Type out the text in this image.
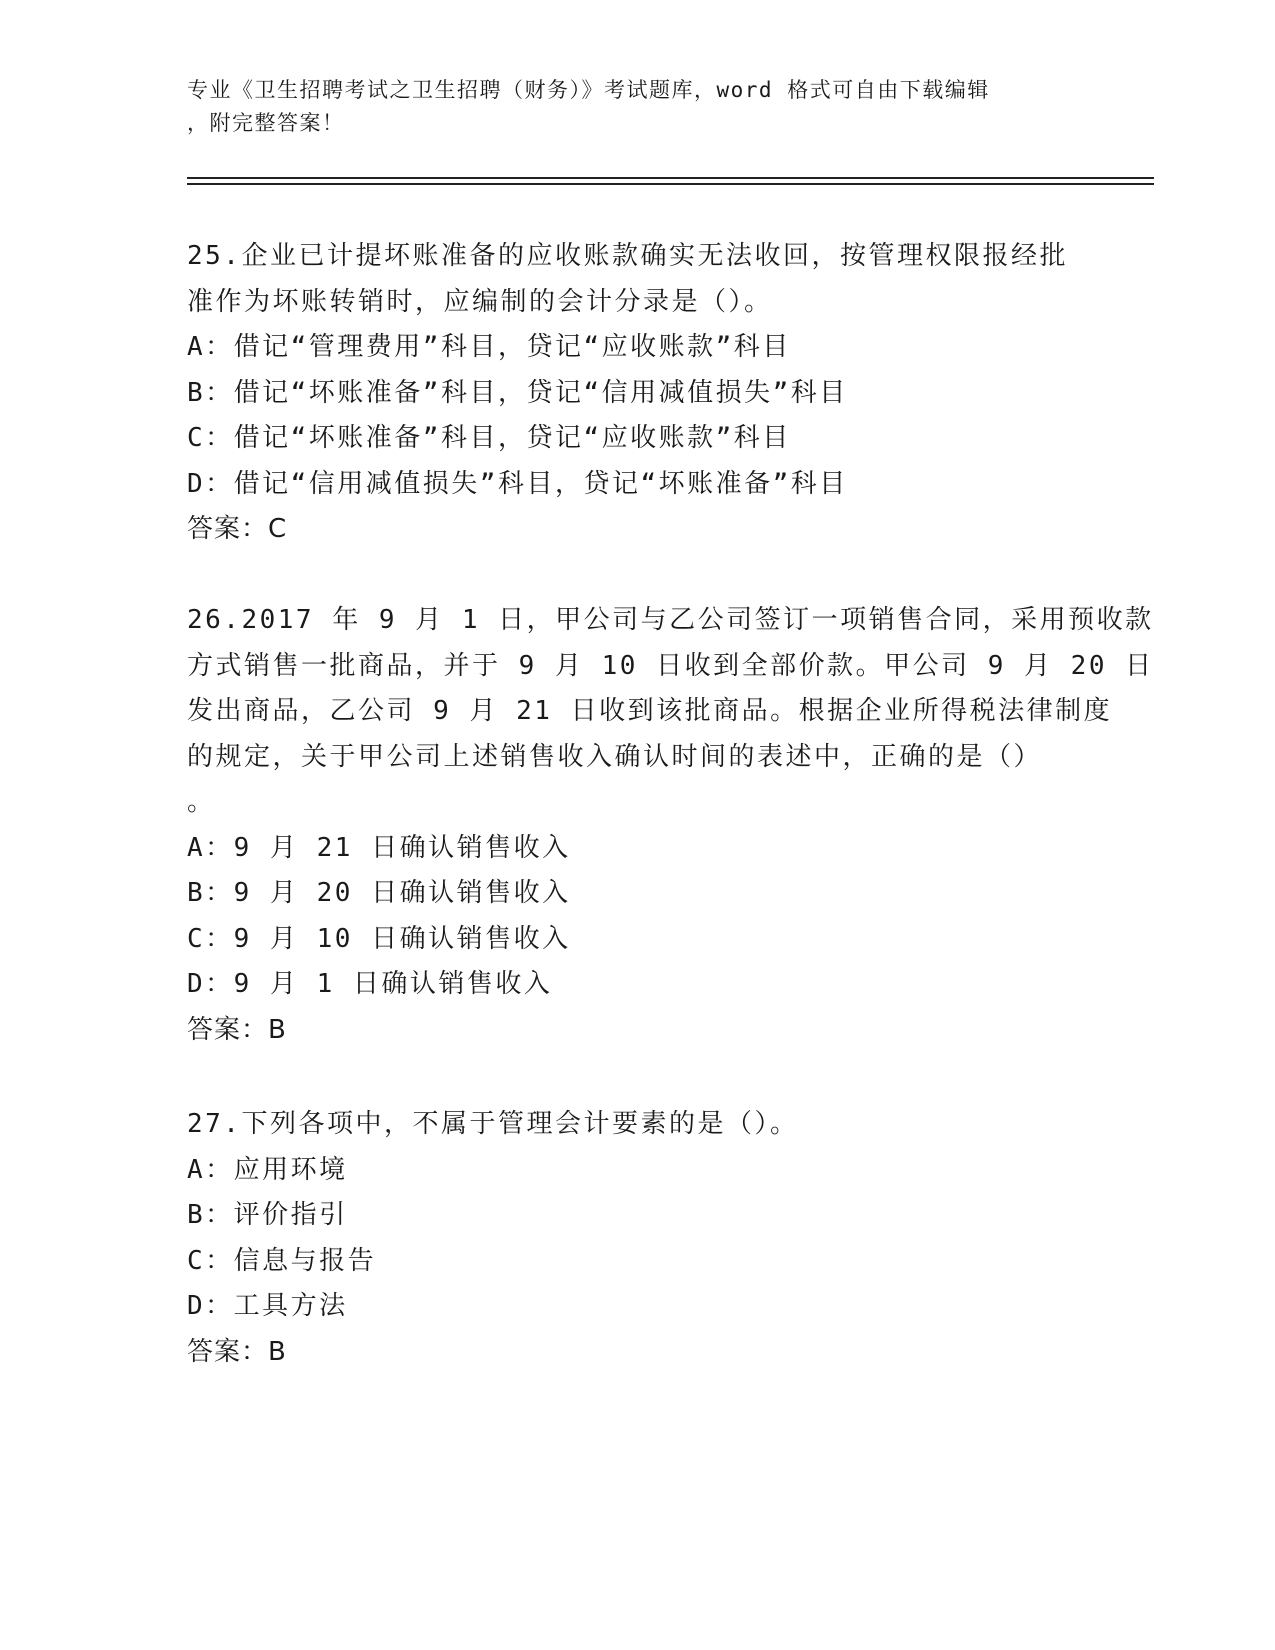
专业《卫生招聘考试之卫生招聘（财务）》考试题库，word 格式可自由下载编辑

，附完整答案！

25.企业已计提坏账准备的应收账款确实无法收回，按管理权限报经批

准作为坏账转销时，应编制的会计分录是（）。

A：借记“管理费用”科目，贷记“应收账款”科目

B：借记“坏账准备”科目，贷记“信用减值损失”科目

C：借记“坏账准备”科目，贷记“应收账款”科目

D：借记“信用减值损失”科目，贷记“坏账准备”科目

答案：C

26.2017 年 9 月 1 日，甲公司与乙公司签订一项销售合同，采用预收款

方式销售一批商品，并于 9 月 10 日收到全部价款。甲公司 9 月 20 日

发出商品，乙公司 9 月 21 日收到该批商品。根据企业所得税法律制度

的规定，关于甲公司上述销售收入确认时间的表述中，正确的是（）

。

A：9 月 21 日确认销售收入

B：9 月 20 日确认销售收入

C：9 月 10 日确认销售收入

D：9 月 1 日确认销售收入

答案：B

27.下列各项中，不属于管理会计要素的是（）。

A：应用环境

B：评价指引

C：信息与报告

D：工具方法

答案：B
